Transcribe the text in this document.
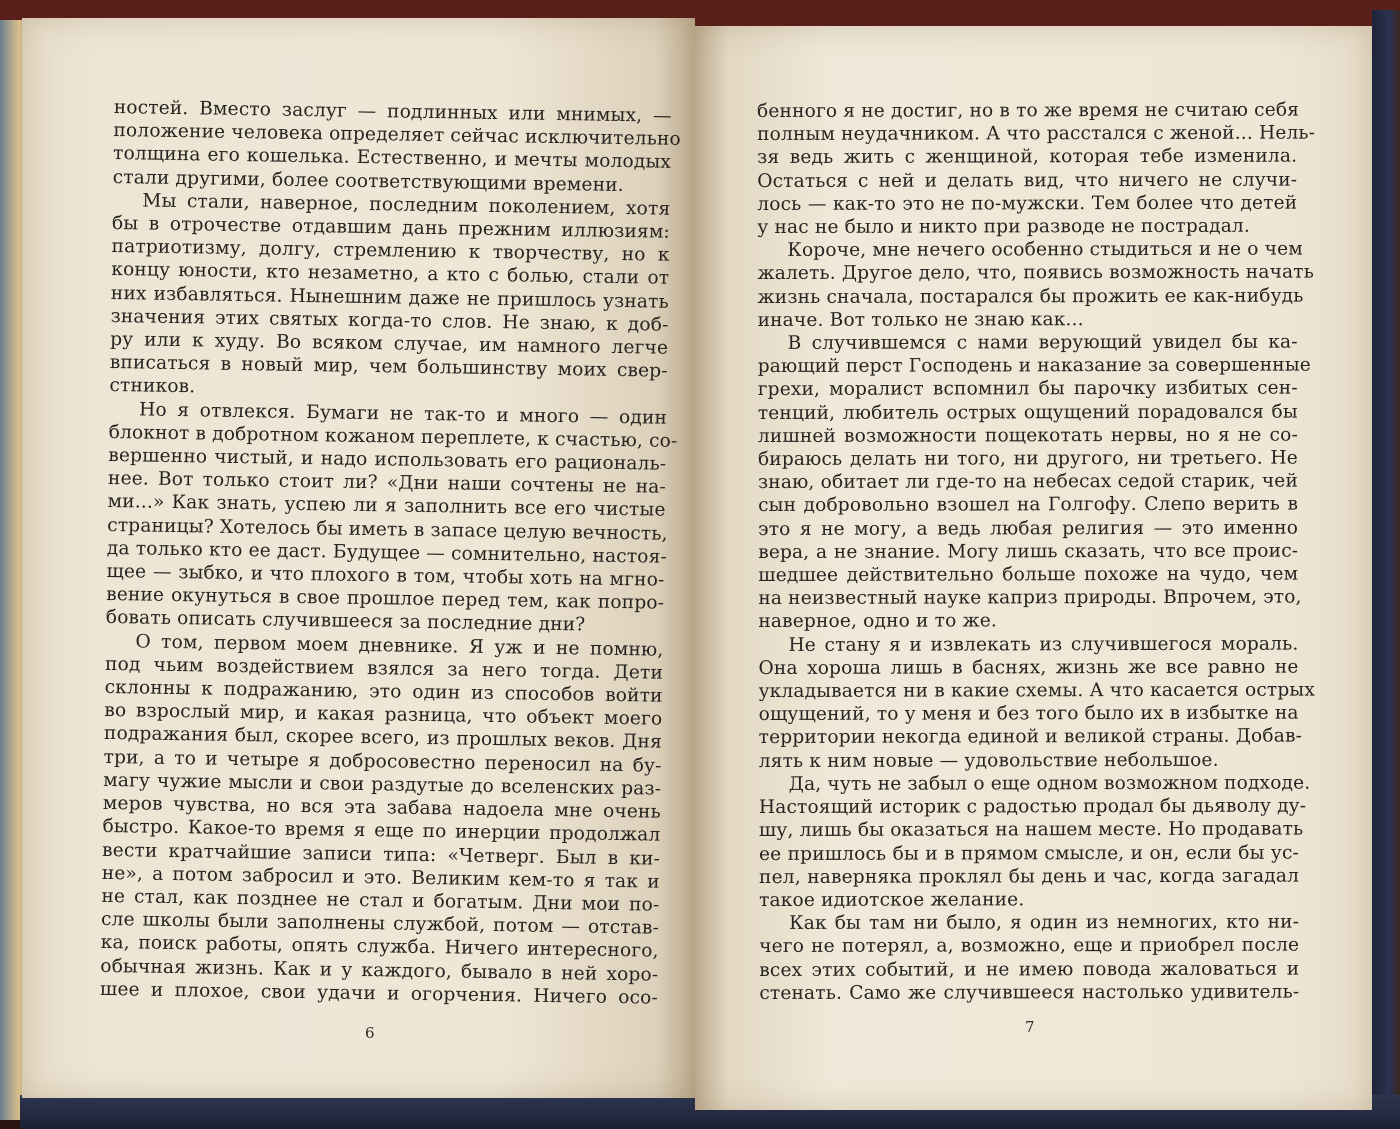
ностей. Вместо заслуг — подлинных или мнимых, —
положение человека определяет сейчас исключительно
толщина его кошелька. Естественно, и мечты молодых
стали другими, более соответствующими времени.
Мы стали, наверное, последним поколением, хотя
бы в отрочестве отдавшим дань прежним иллюзиям:
патриотизму, долгу, стремлению к творчеству, но к
концу юности, кто незаметно, а кто с болью, стали от
них избавляться. Нынешним даже не пришлось узнать
значения этих святых когда-то слов. Не знаю, к доб-
ру или к худу. Во всяком случае, им намного легче
вписаться в новый мир, чем большинству моих свер-
стников.
Но я отвлекся. Бумаги не так-то и много — один
блокнот в добротном кожаном переплете, к счастью, со-
вершенно чистый, и надо использовать его рациональ-
нее. Вот только стоит ли? «Дни наши сочтены не на-
ми...» Как знать, успею ли я заполнить все его чистые
страницы? Хотелось бы иметь в запасе целую вечность,
да только кто ее даст. Будущее — сомнительно, настоя-
щее — зыбко, и что плохого в том, чтобы хоть на мгно-
вение окунуться в свое прошлое перед тем, как попро-
бовать описать случившееся за последние дни?
О том, первом моем дневнике. Я уж и не помню,
под чьим воздействием взялся за него тогда. Дети
склонны к подражанию, это один из способов войти
во взрослый мир, и какая разница, что объект моего
подражания был, скорее всего, из прошлых веков. Дня
три, а то и четыре я добросовестно переносил на бу-
магу чужие мысли и свои раздутые до вселенских раз-
меров чувства, но вся эта забава надоела мне очень
быстро. Какое-то время я еще по инерции продолжал
вести кратчайшие записи типа: «Четверг. Был в ки-
не», а потом забросил и это. Великим кем-то я так и
не стал, как позднее не стал и богатым. Дни мои по-
сле школы были заполнены службой, потом — отстав-
ка, поиск работы, опять служба. Ничего интересного,
обычная жизнь. Как и у каждого, бывало в ней хоро-
шее и плохое, свои удачи и огорчения. Ничего осо-
6
бенного я не достиг, но в то же время не считаю себя
полным неудачником. А что расстался с женой... Нель-
зя ведь жить с женщиной, которая тебе изменила.
Остаться с ней и делать вид, что ничего не случи-
лось — как-то это не по-мужски. Тем более что детей
у нас не было и никто при разводе не пострадал.
Короче, мне нечего особенно стыдиться и не о чем
жалеть. Другое дело, что, появись возможность начать
жизнь сначала, постарался бы прожить ее как-нибудь
иначе. Вот только не знаю как...
В случившемся с нами верующий увидел бы ка-
рающий перст Господень и наказание за совершенные
грехи, моралист вспомнил бы парочку избитых сен-
тенций, любитель острых ощущений порадовался бы
лишней возможности пощекотать нервы, но я не со-
бираюсь делать ни того, ни другого, ни третьего. Не
знаю, обитает ли где-то на небесах седой старик, чей
сын добровольно взошел на Голгофу. Слепо верить в
это я не могу, а ведь любая религия — это именно
вера, а не знание. Могу лишь сказать, что все проис-
шедшее действительно больше похоже на чудо, чем
на неизвестный науке каприз природы. Впрочем, это,
наверное, одно и то же.
Не стану я и извлекать из случившегося мораль.
Она хороша лишь в баснях, жизнь же все равно не
укладывается ни в какие схемы. А что касается острых
ощущений, то у меня и без того было их в избытке на
территории некогда единой и великой страны. Добав-
лять к ним новые — удовольствие небольшое.
Да, чуть не забыл о еще одном возможном подходе.
Настоящий историк с радостью продал бы дьяволу ду-
шу, лишь бы оказаться на нашем месте. Но продавать
ее пришлось бы и в прямом смысле, и он, если бы ус-
пел, наверняка проклял бы день и час, когда загадал
такое идиотское желание.
Как бы там ни было, я один из немногих, кто ни-
чего не потерял, а, возможно, еще и приобрел после
всех этих событий, и не имею повода жаловаться и
стенать. Само же случившееся настолько удивитель-
7
